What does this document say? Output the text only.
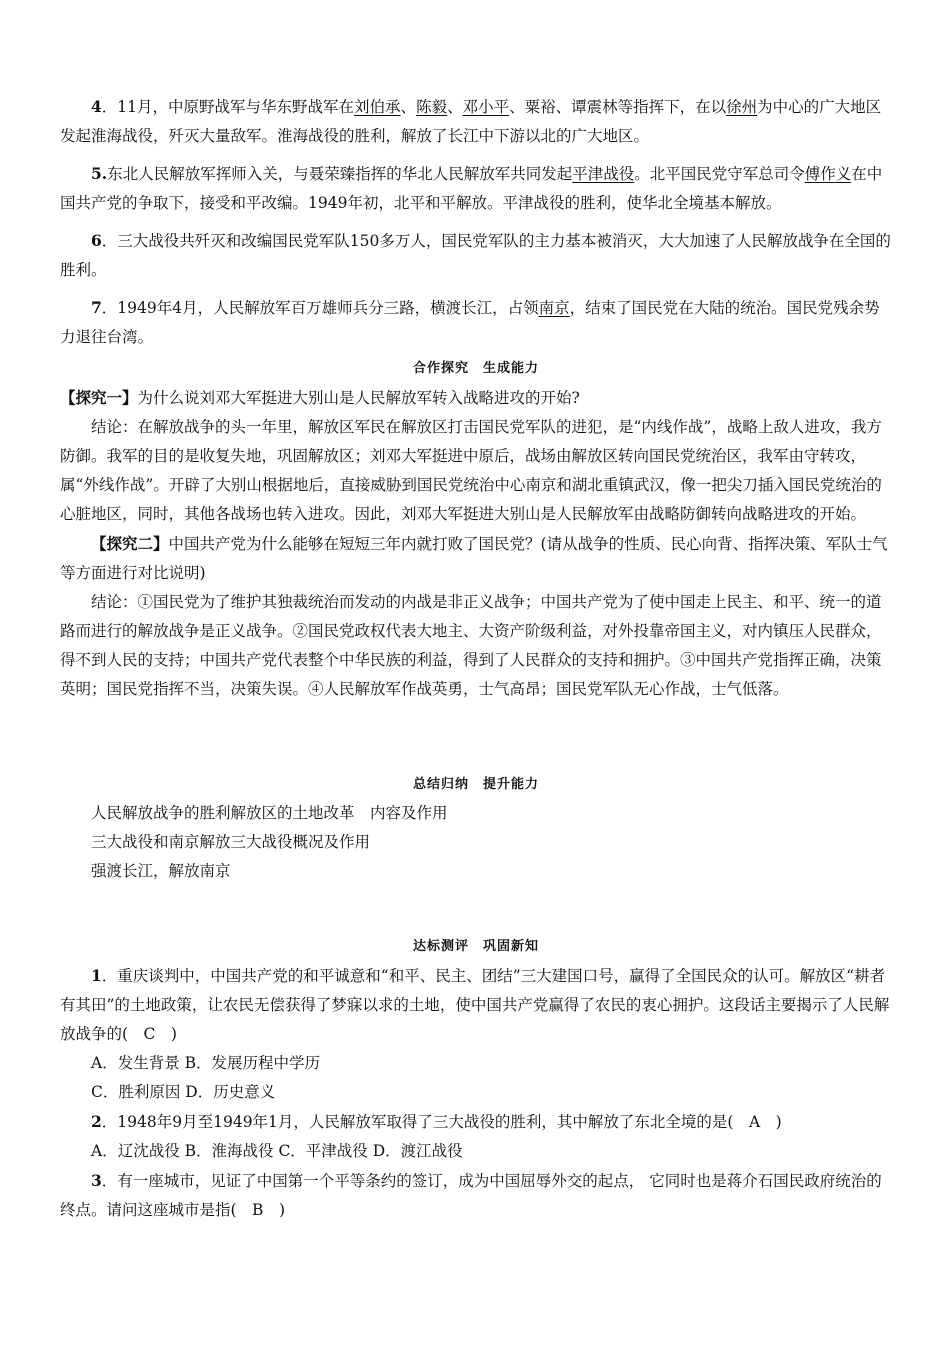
4．11月，中原野战军与华东野战军在刘伯承、陈毅、邓小平、粟裕、谭震林等指挥下，在以徐州为中心的广大地区发起淮海战役，歼灭大量敌军。淮海战役的胜利，解放了长江中下游以北的广大地区。

5.东北人民解放军挥师入关，与聂荣臻指挥的华北人民解放军共同发起平津战役。北平国民党守军总司令傅作义在中国共产党的争取下，接受和平改编。1949年初，北平和平解放。平津战役的胜利，使华北全境基本解放。

6．三大战役共歼灭和改编国民党军队150多万人，国民党军队的主力基本被消灭，大大加速了人民解放战争在全国的胜利。

7．1949年4月，人民解放军百万雄师兵分三路，横渡长江，占领南京，结束了国民党在大陆的统治。国民党残余势力退往台湾。

合作探究 生成能力

【探究一】为什么说刘邓大军挺进大别山是人民解放军转入战略进攻的开始?

结论：在解放战争的头一年里，解放区军民在解放区打击国民党军队的进犯，是“内线作战”，战略上敌人进攻，我方防御。我军的目的是收复失地，巩固解放区；刘邓大军挺进中原后，战场由解放区转向国民党统治区，我军由守转攻，属“外线作战”。开辟了大别山根据地后，直接威胁到国民党统治中心南京和湖北重镇武汉，像一把尖刀插入国民党统治的心脏地区，同时，其他各战场也转入进攻。因此，刘邓大军挺进大别山是人民解放军由战略防御转向战略进攻的开始。

【探究二】中国共产党为什么能够在短短三年内就打败了国民党？(请从战争的性质、民心向背、指挥决策、军队士气等方面进行对比说明)

结论：①国民党为了维护其独裁统治而发动的内战是非正义战争；中国共产党为了使中国走上民主、和平、统一的道路而进行的解放战争是正义战争。②国民党政权代表大地主、大资产阶级利益，对外投靠帝国主义，对内镇压人民群众，得不到人民的支持；中国共产党代表整个中华民族的利益，得到了人民群众的支持和拥护。③中国共产党指挥正确，决策英明；国民党指挥不当，决策失误。④人民解放军作战英勇，士气高昂；国民党军队无心作战，士气低落。

总结归纳 提升能力

人民解放战争的胜利解放区的土地改革　内容及作用

三大战役和南京解放三大战役概况及作用

强渡长江，解放南京

达标测评 巩固新知

1．重庆谈判中，中国共产党的和平诚意和“和平、民主、团结”三大建国口号，赢得了全国民众的认可。解放区“耕者有其田”的土地政策，让农民无偿获得了梦寐以求的土地，使中国共产党赢得了农民的衷心拥护。这段话主要揭示了人民解放战争的(　C　)

A．发生背景 B．发展历程中学历

C．胜利原因 D．历史意义

2．1948年9月至1949年1月，人民解放军取得了三大战役的胜利，其中解放了东北全境的是(　A　)

A．辽沈战役 B．淮海战役 C．平津战役 D．渡江战役

3．有一座城市，见证了中国第一个平等条约的签订，成为中国屈辱外交的起点， 它同时也是蒋介石国民政府统治的终点。请问这座城市是指(　B　)
